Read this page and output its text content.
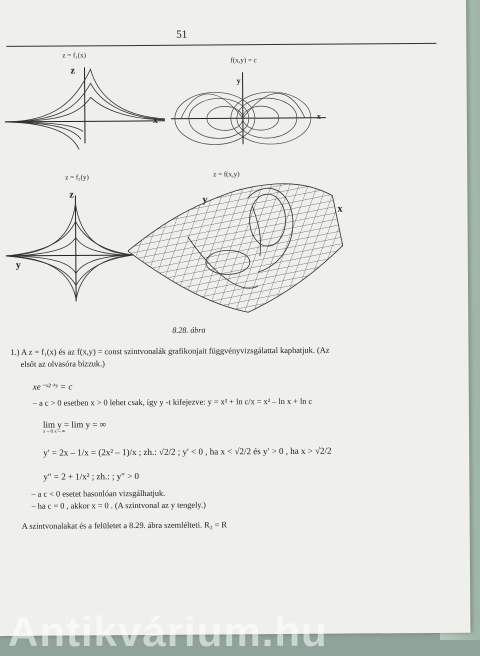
51
z = f₁(x)
z
x
f(x,y) = c
y
x
z = f₂(y)
z
y
z = f(x,y)
y
x
8.28. ábra
1.) A z = f₁(x) és az f(x,y) = const szintvonalák grafikonjait függvényvizsgálattal kaphatjuk. (Az
elsőt az olvasóra bízzuk.)
xe⁻ˣ²⁺ʸ = c
– a c > 0 esetben x > 0 lehet csak, így y -t kifejezve: y = x² + ln c/x = x² – ln x + ln c
lim y = lim y = ∞
x→0 x→∞
y′ = 2x – 1/x = (2x² – 1)/x ; zh.: √2/2 ; y′ < 0 , ha x < √2/2 és y′ > 0 , ha x > √2/2
y″ = 2 + 1/x² ; zh.: ; y″ > 0
– a c < 0 esetet hasonlóan vizsgálhatjuk.
– ha c = 0 , akkor x = 0 . (A szintvonal az y tengely.)
A szintvonalakat és a felületet a 8.29. ábra szemlélteti. R₂ = R
Antikvárium.hu
